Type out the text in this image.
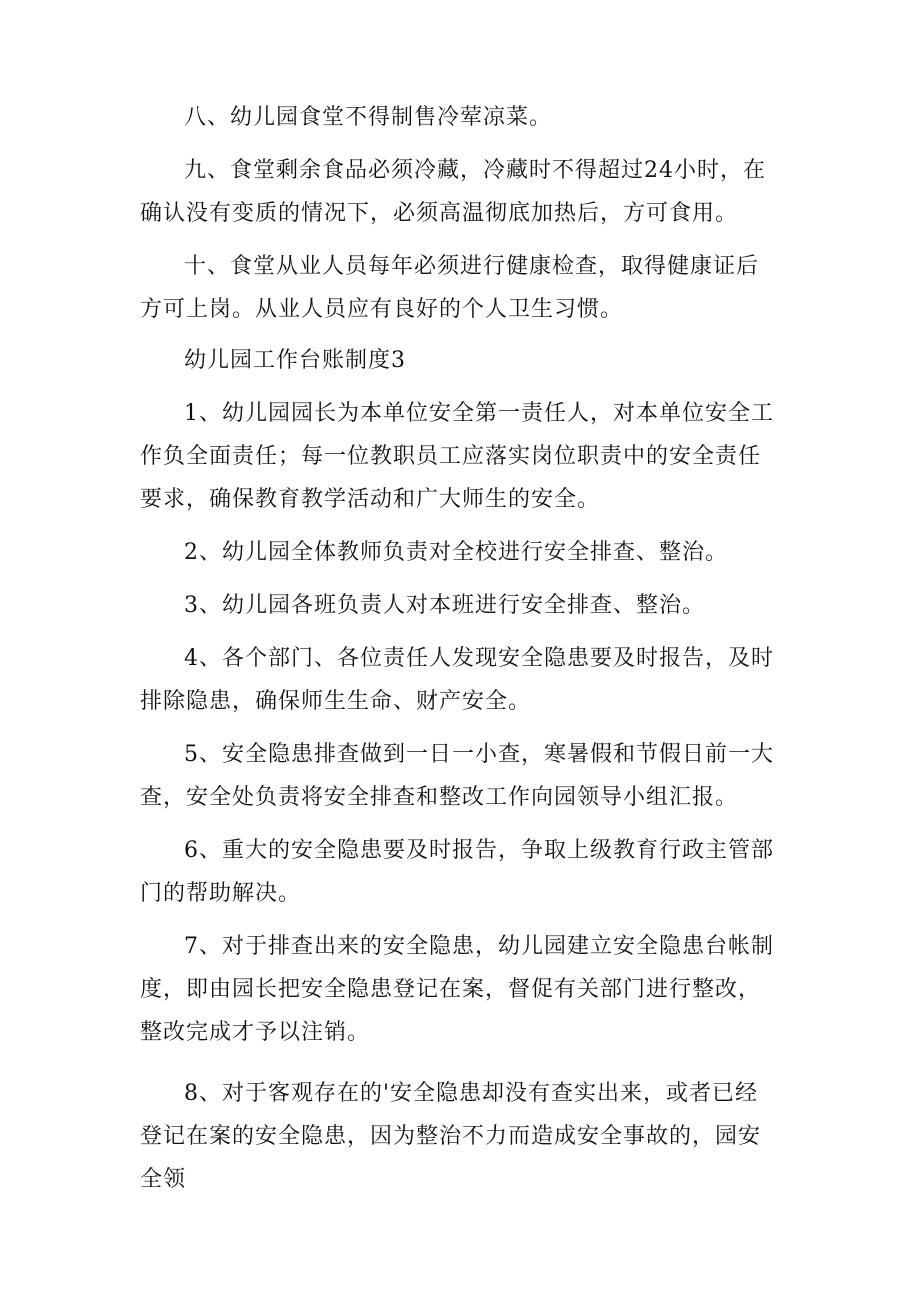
八、幼儿园食堂不得制售冷荤凉菜。

九、食堂剩余食品必须冷藏，冷藏时不得超过24小时，在确认没有变质的情况下，必须高温彻底加热后，方可食用。

十、食堂从业人员每年必须进行健康检查，取得健康证后方可上岗。从业人员应有良好的个人卫生习惯。

幼儿园工作台账制度3

1、幼儿园园长为本单位安全第一责任人，对本单位安全工作负全面责任；每一位教职员工应落实岗位职责中的安全责任要求，确保教育教学活动和广大师生的安全。

2、幼儿园全体教师负责对全校进行安全排查、整治。

3、幼儿园各班负责人对本班进行安全排查、整治。

4、各个部门、各位责任人发现安全隐患要及时报告，及时排除隐患，确保师生生命、财产安全。

5、安全隐患排查做到一日一小查，寒暑假和节假日前一大查，安全处负责将安全排查和整改工作向园领导小组汇报。

6、重大的安全隐患要及时报告，争取上级教育行政主管部门的帮助解决。

7、对于排查出来的安全隐患，幼儿园建立安全隐患台帐制度，即由园长把安全隐患登记在案，督促有关部门进行整改，整改完成才予以注销。

8、对于客观存在的'安全隐患却没有查实出来，或者已经登记在案的安全隐患，因为整治不力而造成安全事故的，园安全领
